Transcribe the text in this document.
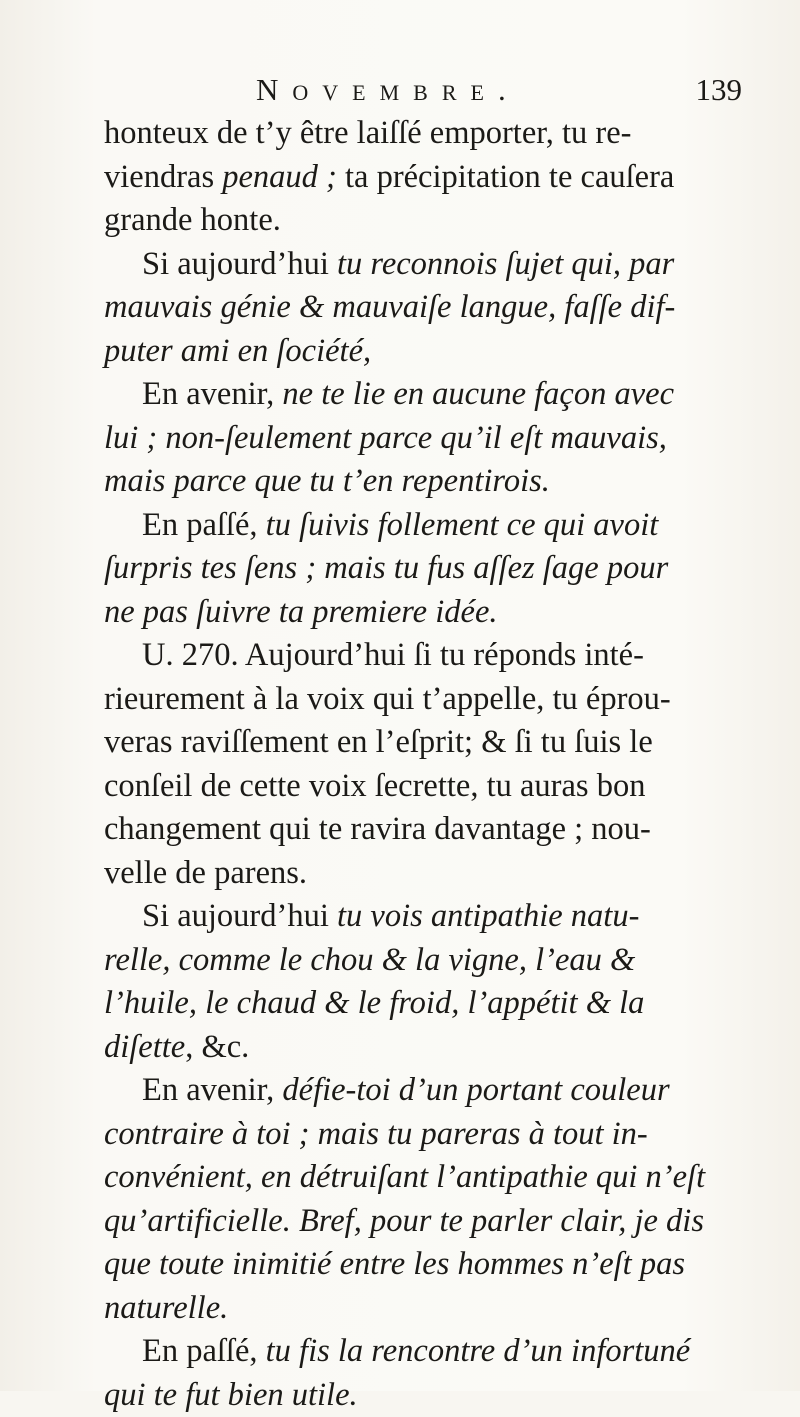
Novembre.	139
honteux de t’y être laiſſé emporter, tu re-
viendras penaud ; ta précipitation te cauſera
grande honte.
Si aujourd’hui tu reconnois ſujet qui, par
mauvais génie & mauvaiſe langue, faſſe dif-
puter ami en ſociété,
En avenir, ne te lie en aucune façon avec
lui ; non-ſeulement parce qu’il eſt mauvais,
mais parce que tu t’en repentirois.
En paſſé, tu ſuivis follement ce qui avoit
ſurpris tes ſens ; mais tu fus aſſez ſage pour
ne pas ſuivre ta premiere idée.
U. 270. Aujourd’hui ſi tu réponds inté-
rieurement à la voix qui t’appelle, tu éprou-
veras raviſſement en l’eſprit; & ſi tu ſuis le
conſeil de cette voix ſecrette, tu auras bon
changement qui te ravira davantage ; nou-
velle de parens.
Si aujourd’hui tu vois antipathie natu-
relle, comme le chou & la vigne, l’eau &
l’huile, le chaud & le froid, l’appétit & la
diſette, &c.
En avenir, défie-toi d’un portant couleur
contraire à toi ; mais tu pareras à tout in-
convénient, en détruiſant l’antipathie qui n’eſt
qu’artificielle. Bref, pour te parler clair, je dis
que toute inimitié entre les hommes n’eſt pas
naturelle.
En paſſé, tu fis la rencontre d’un infortuné
qui te fut bien utile.
